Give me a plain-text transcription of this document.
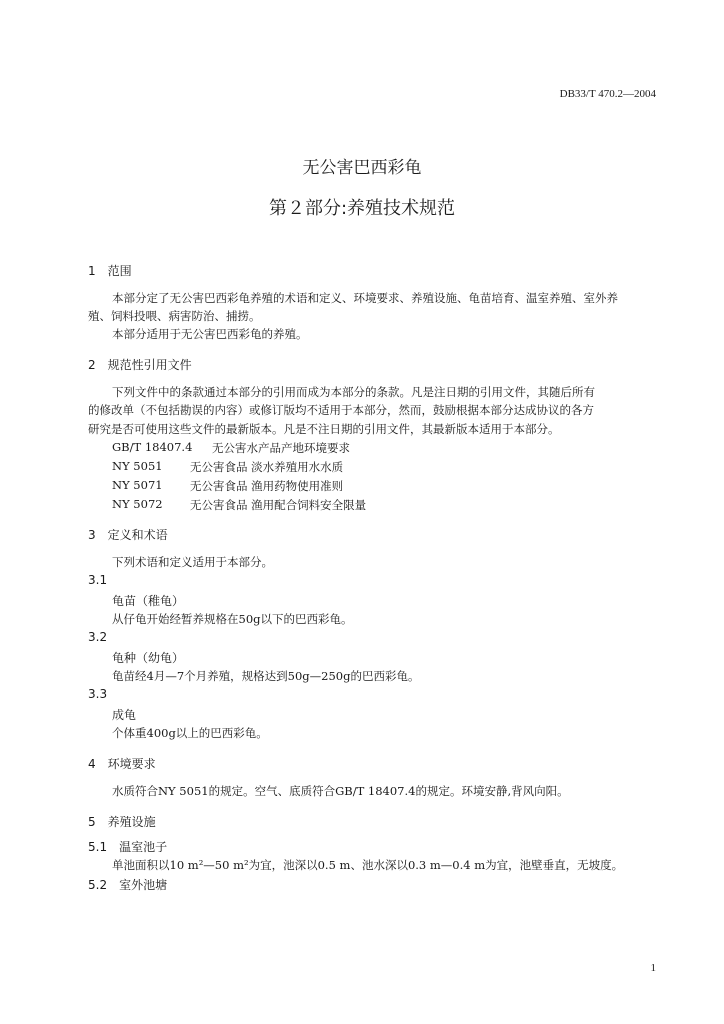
DB33/T 470.2—2004
无公害巴西彩龟
第２部分:养殖技术规范
1　范围
本部分定了无公害巴西彩龟养殖的术语和定义、环境要求、养殖设施、龟苗培育、温室养殖、室外养
殖、饲料投喂、病害防治、捕捞。
本部分适用于无公害巴西彩龟的养殖。
2　规范性引用文件
下列文件中的条款通过本部分的引用而成为本部分的条款。凡是注日期的引用文件，其随后所有
的修改单（不包括勘误的内容）或修订版均不适用于本部分，然而，鼓励根据本部分达成协议的各方
研究是否可使用这些文件的最新版本。凡是不注日期的引用文件，其最新版本适用于本部分。
GB/T 18407.4 无公害水产品产地环境要求
NY 5051 无公害食品 淡水养殖用水水质
NY 5071 无公害食品 渔用药物使用准则
NY 5072 无公害食品 渔用配合饲料安全限量
3　定义和术语
下列术语和定义适用于本部分。
3.1
龟苗（稚龟）
从仔龟开始经暂养规格在50g以下的巴西彩龟。
3.2
龟种（幼龟）
龟苗经4月—7个月养殖，规格达到50g—250g的巴西彩龟。
3.3
成龟
个体重400g以上的巴西彩龟。
4　环境要求
水质符合NY 5051的规定。空气、底质符合GB/T 18407.4的规定。环境安静,背风向阳。
5　养殖设施
5.1　温室池子
单池面积以10 m²—50 m²为宜，池深以0.5 m、池水深以0.3 m—0.4 m为宜，池壁垂直，无坡度。
5.2　室外池塘
1
